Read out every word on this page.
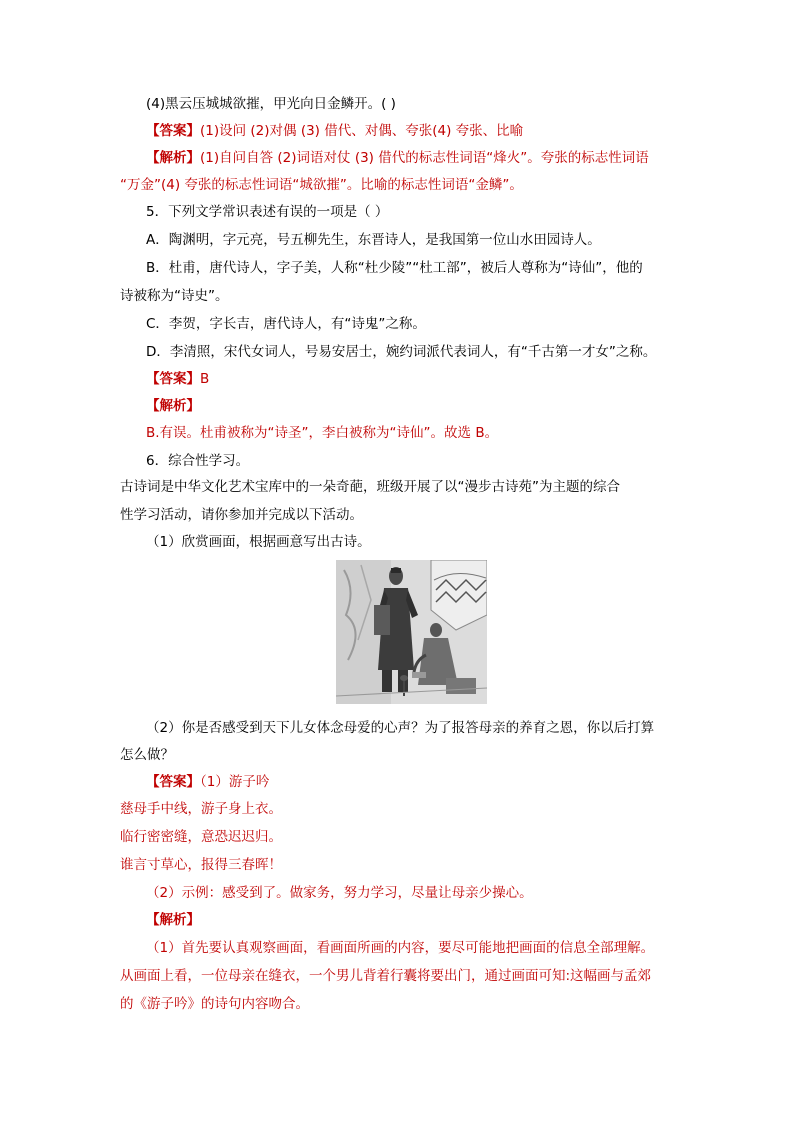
(4)黑云压城城欲摧，甲光向日金鳞开。( )
【答案】(1)设问 (2)对偶 (3) 借代、对偶、夸张(4) 夸张、比喻
【解析】(1)自问自答 (2)词语对仗 (3) 借代的标志性词语“烽火”。夸张的标志性词语
“万金”(4) 夸张的标志性词语“城欲摧”。比喻的标志性词语“金鳞”。
5．下列文学常识表述有误的一项是（ ）
A．陶渊明，字元亮，号五柳先生，东晋诗人，是我国第一位山水田园诗人。
B．杜甫，唐代诗人，字子美，人称“杜少陵”“杜工部”，被后人尊称为“诗仙”，他的
诗被称为“诗史”。
C．李贺，字长吉，唐代诗人，有“诗鬼”之称。
D．李清照，宋代女词人，号易安居士，婉约词派代表词人，有“千古第一才女”之称。
【答案】B
【解析】
B.有误。杜甫被称为“诗圣”，李白被称为“诗仙”。故选 B。
6．综合性学习。
古诗词是中华文化艺术宝库中的一朵奇葩，班级开展了以“漫步古诗苑”为主题的综合
性学习活动，请你参加并完成以下活动。
（1）欣赏画面，根据画意写出古诗。
（2）你是否感受到天下儿女体念母爱的心声？为了报答母亲的养育之恩，你以后打算
怎么做？
【答案】（1）游子吟
慈母手中线，游子身上衣。
临行密密缝，意恐迟迟归。
谁言寸草心，报得三春晖！
（2）示例：感受到了。做家务，努力学习，尽量让母亲少操心。
【解析】
（1）首先要认真观察画面，看画面所画的内容，要尽可能地把画面的信息全部理解。
从画面上看，一位母亲在缝衣，一个男儿背着行囊将要出门，通过画面可知:这幅画与孟郊
的《游子吟》的诗句内容吻合。
